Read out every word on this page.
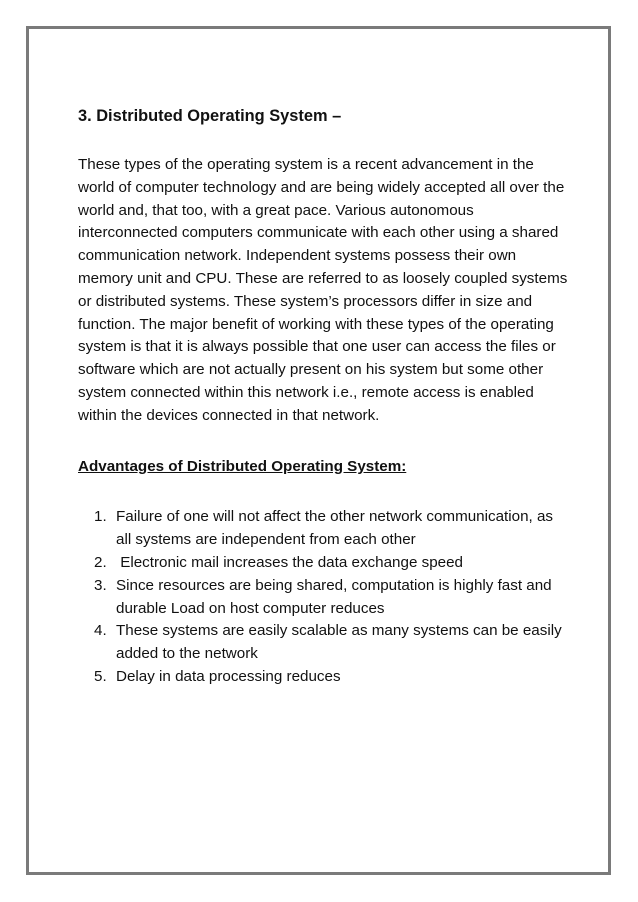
3. Distributed Operating System –

These types of the operating system is a recent advancement in the world of computer technology and are being widely accepted all over the world and, that too, with a great pace. Various autonomous interconnected computers communicate with each other using a shared communication network. Independent systems possess their own memory unit and CPU. These are referred to as loosely coupled systems or distributed systems. These system’s processors differ in size and function. The major benefit of working with these types of the operating system is that it is always possible that one user can access the files or software which are not actually present on his system but some other system connected within this network i.e., remote access is enabled within the devices connected in that network.

Advantages of Distributed Operating System:

1. Failure of one will not affect the other network communication, as all systems are independent from each other
2. Electronic mail increases the data exchange speed
3. Since resources are being shared, computation is highly fast and durable Load on host computer reduces
4. These systems are easily scalable as many systems can be easily added to the network
5. Delay in data processing reduces
